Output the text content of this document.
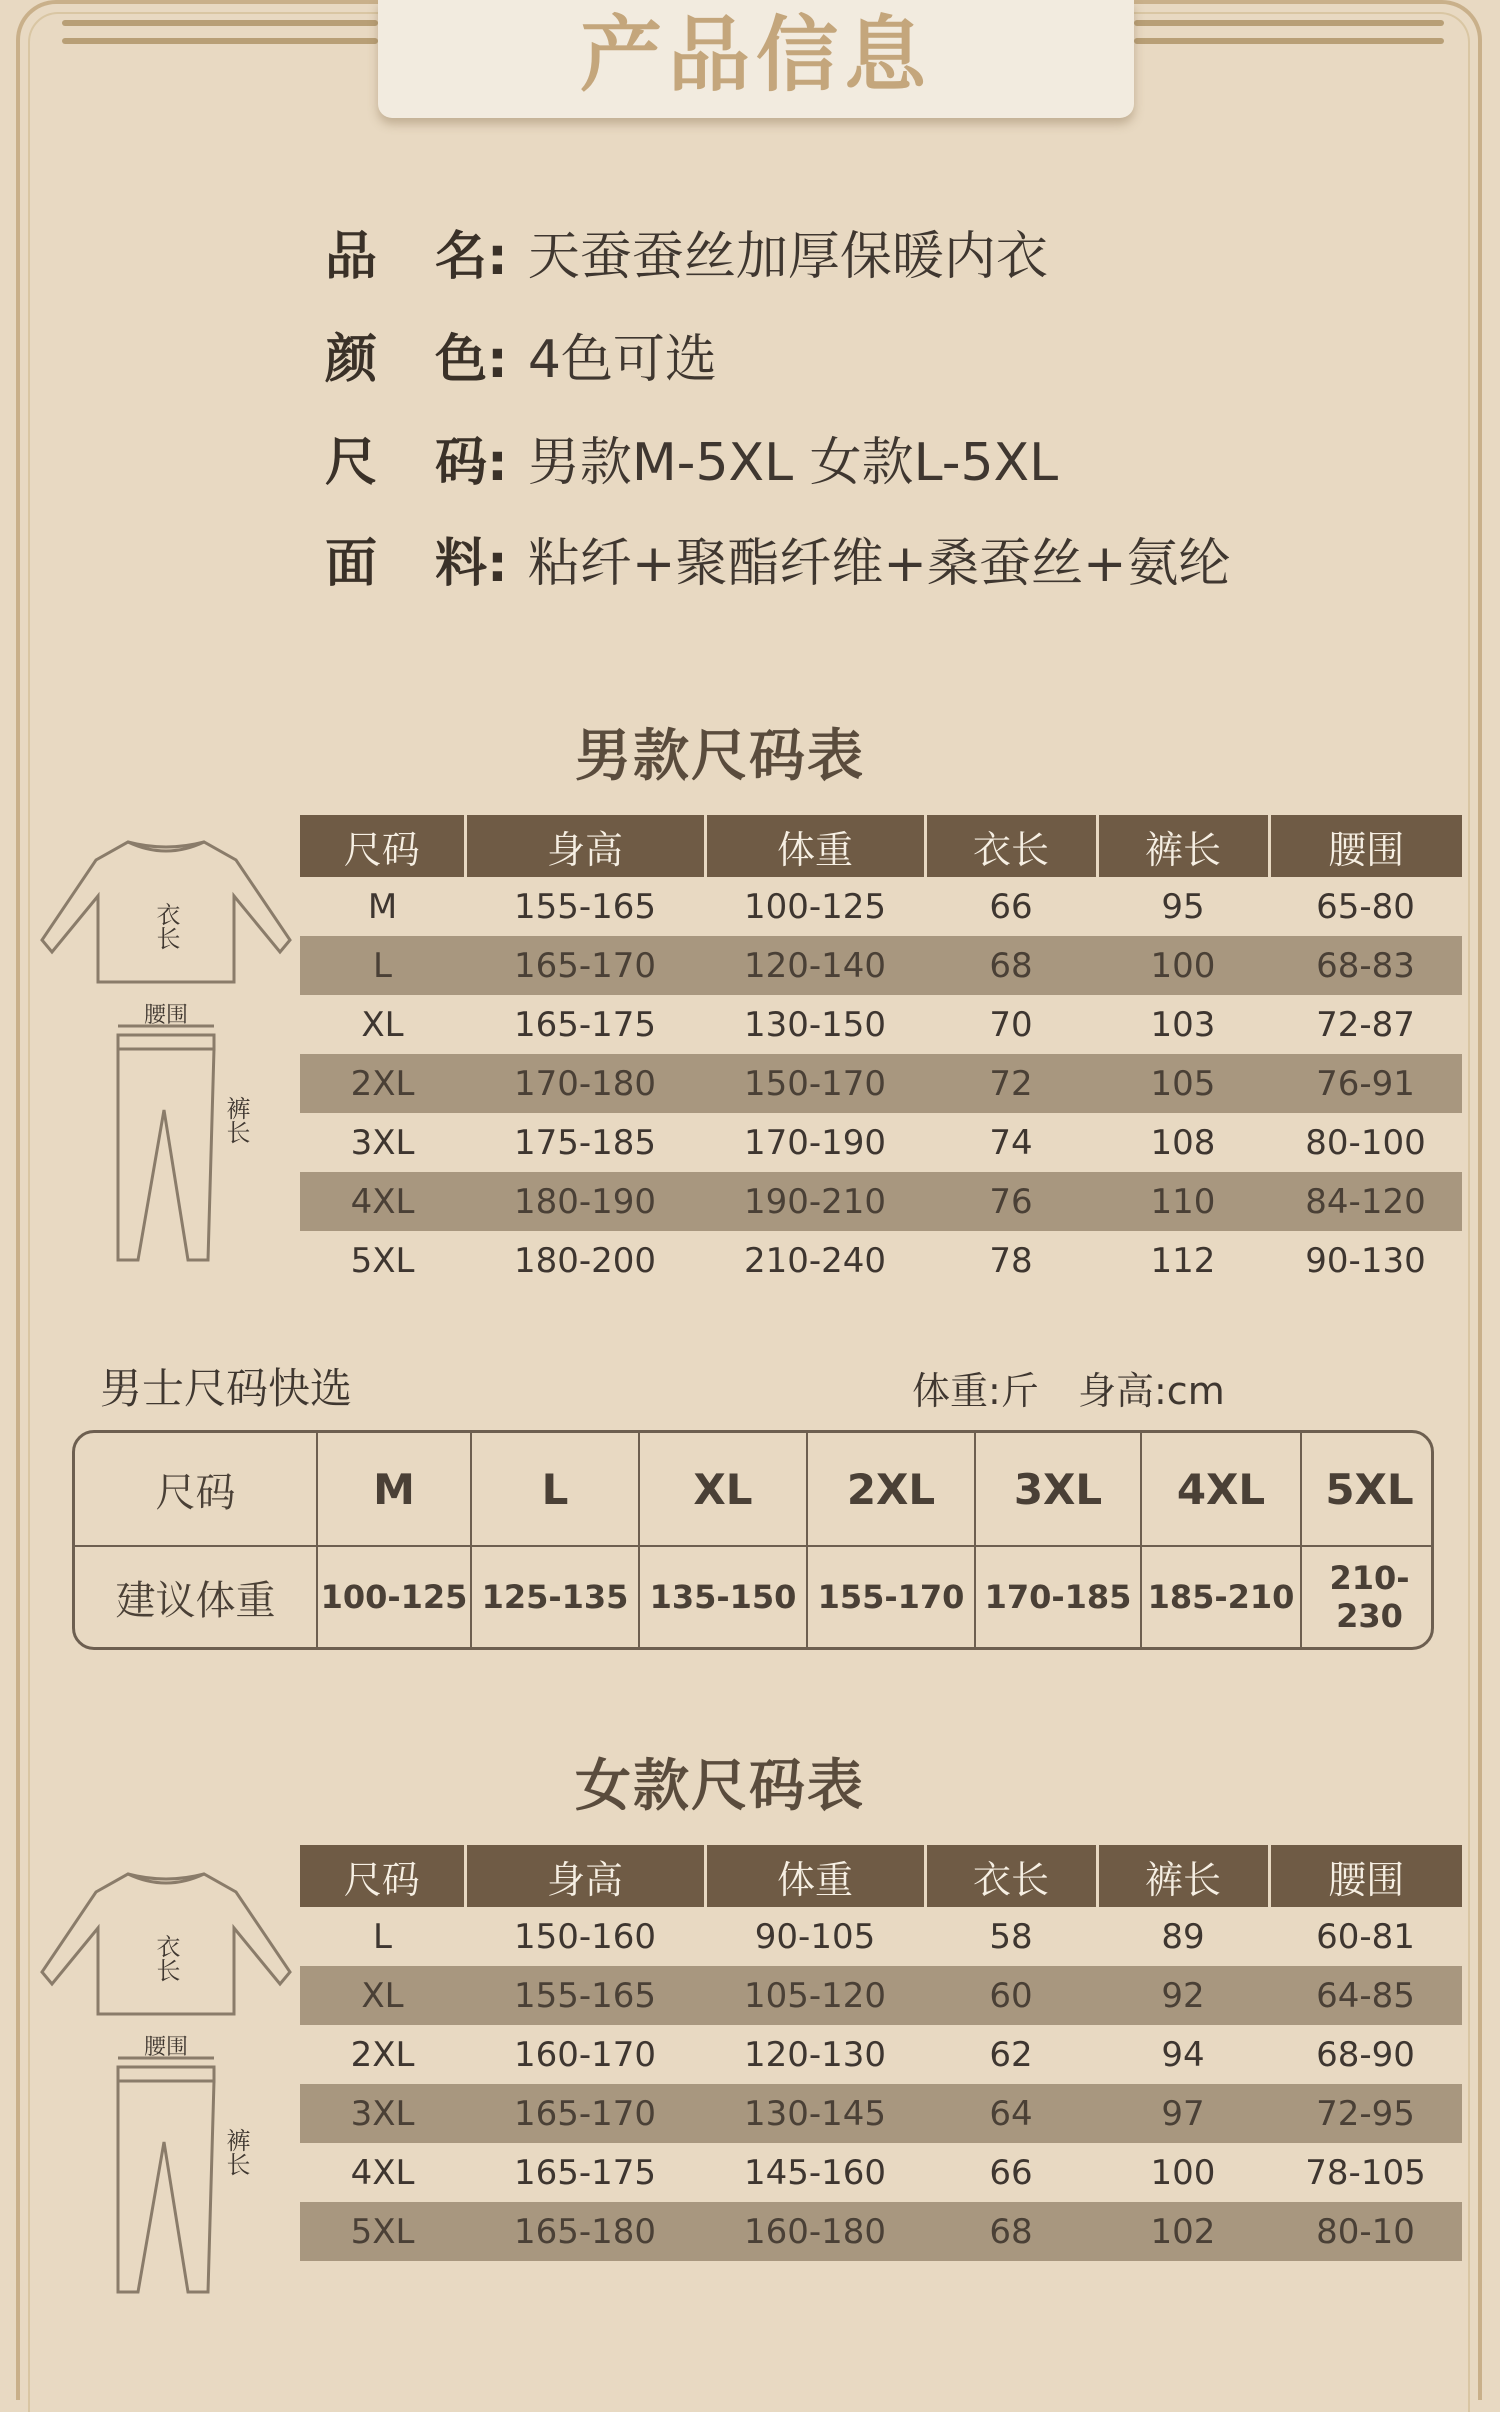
产品信息
品 名: 天蚕蚕丝加厚保暖内衣
颜 色: 4色可选
尺 码: 男款M-5XL 女款L-5XL
面 料: 粘纤+聚酯纤维+桑蚕丝+氨纶
男款尺码表
衣长
腰围
裤长
尺码	身高	体重	衣长	裤长	腰围
M	155-165	100-125	66	95	65-80
L	165-170	120-140	68	100	68-83
XL	165-175	130-150	70	103	72-87
2XL	170-180	150-170	72	105	76-91
3XL	175-185	170-190	74	108	80-100
4XL	180-190	190-210	76	110	84-120
5XL	180-200	210-240	78	112	90-130
男士尺码快选	体重:斤 身高:cm
尺码	M	L	XL	2XL	3XL	4XL	5XL
建议体重	100-125	125-135	135-150	155-170	170-185	185-210	210-230
女款尺码表
衣长
腰围
裤长
尺码	身高	体重	衣长	裤长	腰围
L	150-160	90-105	58	89	60-81
XL	155-165	105-120	60	92	64-85
2XL	160-170	120-130	62	94	68-90
3XL	165-170	130-145	64	97	72-95
4XL	165-175	145-160	66	100	78-105
5XL	165-180	160-180	68	102	80-10
